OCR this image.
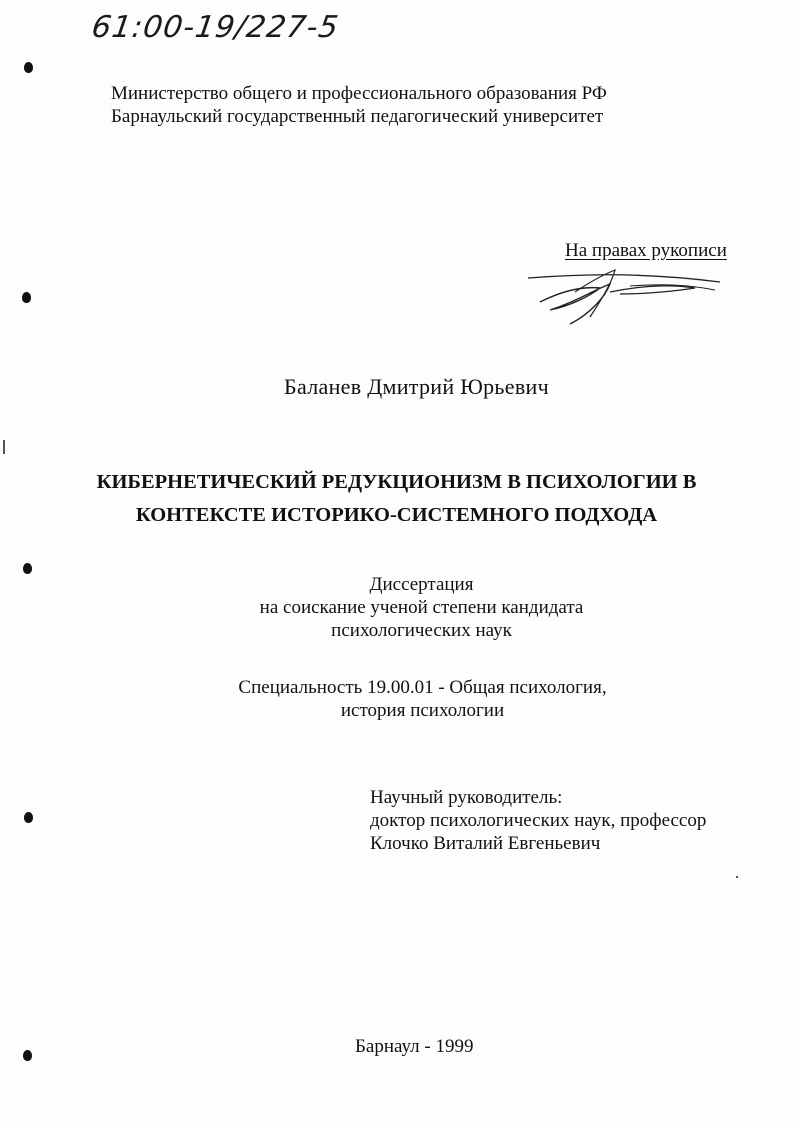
61:00-19/227-5
Министерство общего и профессионального образования РФ
Барнаульский государственный педагогический университет
На правах рукописи
Баланев Дмитрий Юрьевич
КИБЕРНЕТИЧЕСКИЙ РЕДУКЦИОНИЗМ В ПСИХОЛОГИИ В
КОНТЕКСТЕ ИСТОРИКО-СИСТЕМНОГО ПОДХОДА
Диссертация
на соискание ученой степени кандидата
психологических наук
Специальность 19.00.01 - Общая психология,
история психологии
Научный руководитель:
доктор психологических наук, профессор
Клочко Виталий Евгеньевич
Барнаул - 1999
